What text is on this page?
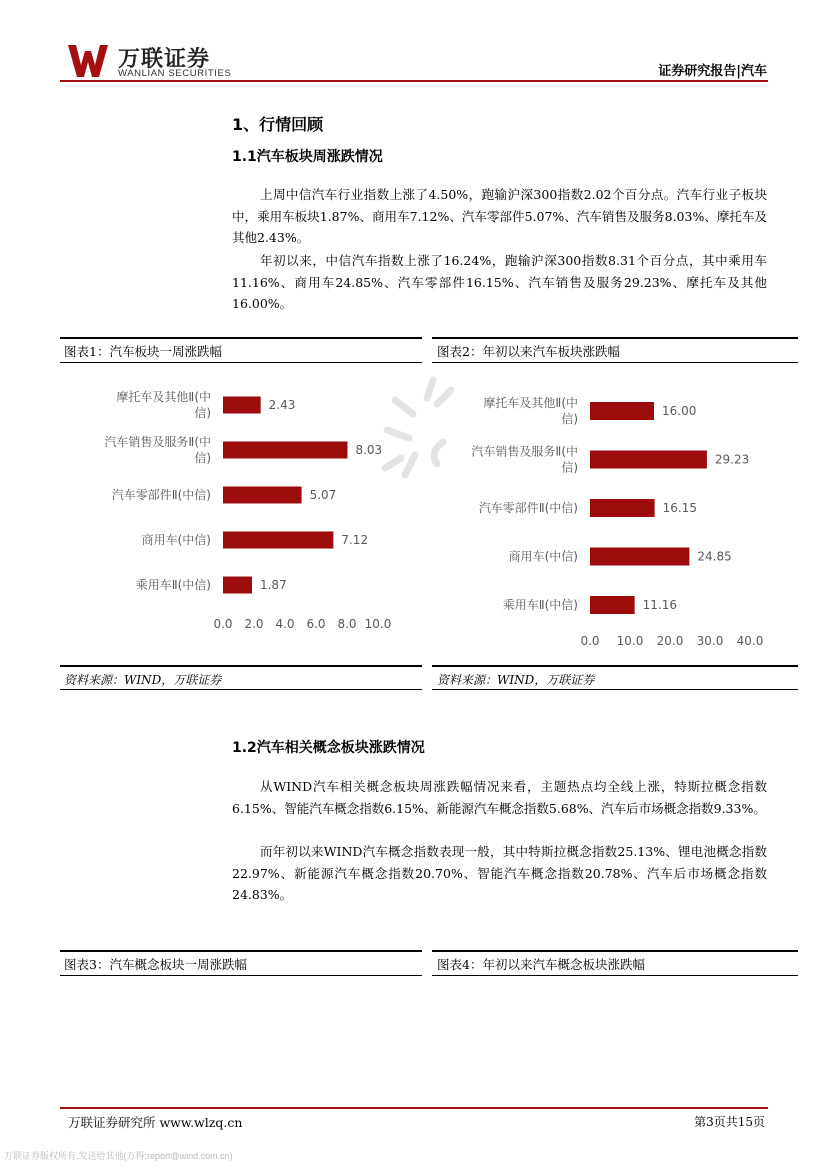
万联证券
WANLIAN SECURITIES	证券研究报告|汽车
1、行情回顾
1.1汽车板块周涨跌情况

上周中信汽车行业指数上涨了4.50%，跑输沪深300指数2.02个百分点。汽车行业子板块中，乘用车板块1.87%、商用车7.12%、汽车零部件5.07%、汽车销售及服务8.03%、摩托车及其他2.43%。

年初以来，中信汽车指数上涨了16.24%，跑输沪深300指数8.31个百分点，其中乘用车11.16%、商用车24.85%、汽车零部件16.15%、汽车销售及服务29.23%、摩托车及其他16.00%。

图表1：汽车板块一周涨跌幅	图表2：年初以来汽车板块涨跌幅
摩托车及其他Ⅱ(中信)
2.43
汽车销售及服务Ⅱ(中信)
8.03
汽车零部件Ⅱ(中信)	5.07
商用车(中信)	7.12
乘用车Ⅱ(中信)	1.87
0.0 2.0 4.0 6.0 8.0 10.0
摩托车及其他Ⅱ(中信)
16.00
汽车销售及服务Ⅱ(中信)
29.23
汽车零部件Ⅱ(中信)	16.15
商用车(中信)	24.85
乘用车Ⅱ(中信)	11.16
0.0 10.0 20.0 30.0 40.0
资料来源：WIND，万联证券	资料来源：WIND，万联证券
1.2汽车相关概念板块涨跌情况

从WIND汽车相关概念板块周涨跌幅情况来看，主题热点均全线上涨，特斯拉概念指数6.15%、智能汽车概念指数6.15%、新能源汽车概念指数5.68%、汽车后市场概念指数9.33%。

而年初以来WIND汽车概念指数表现一般，其中特斯拉概念指数25.13%、锂电池概念指数22.97%、新能源汽车概念指数20.70%、智能汽车概念指数20.78%、汽车后市场概念指数24.83%。

图表3：汽车概念板块一周涨跌幅	图表4：年初以来汽车概念板块涨跌幅
万联证券研究所 www.wlzq.cn	第3页共15页
万联证券版权所有,发送给其他(万得:report@wind.com.cn)
